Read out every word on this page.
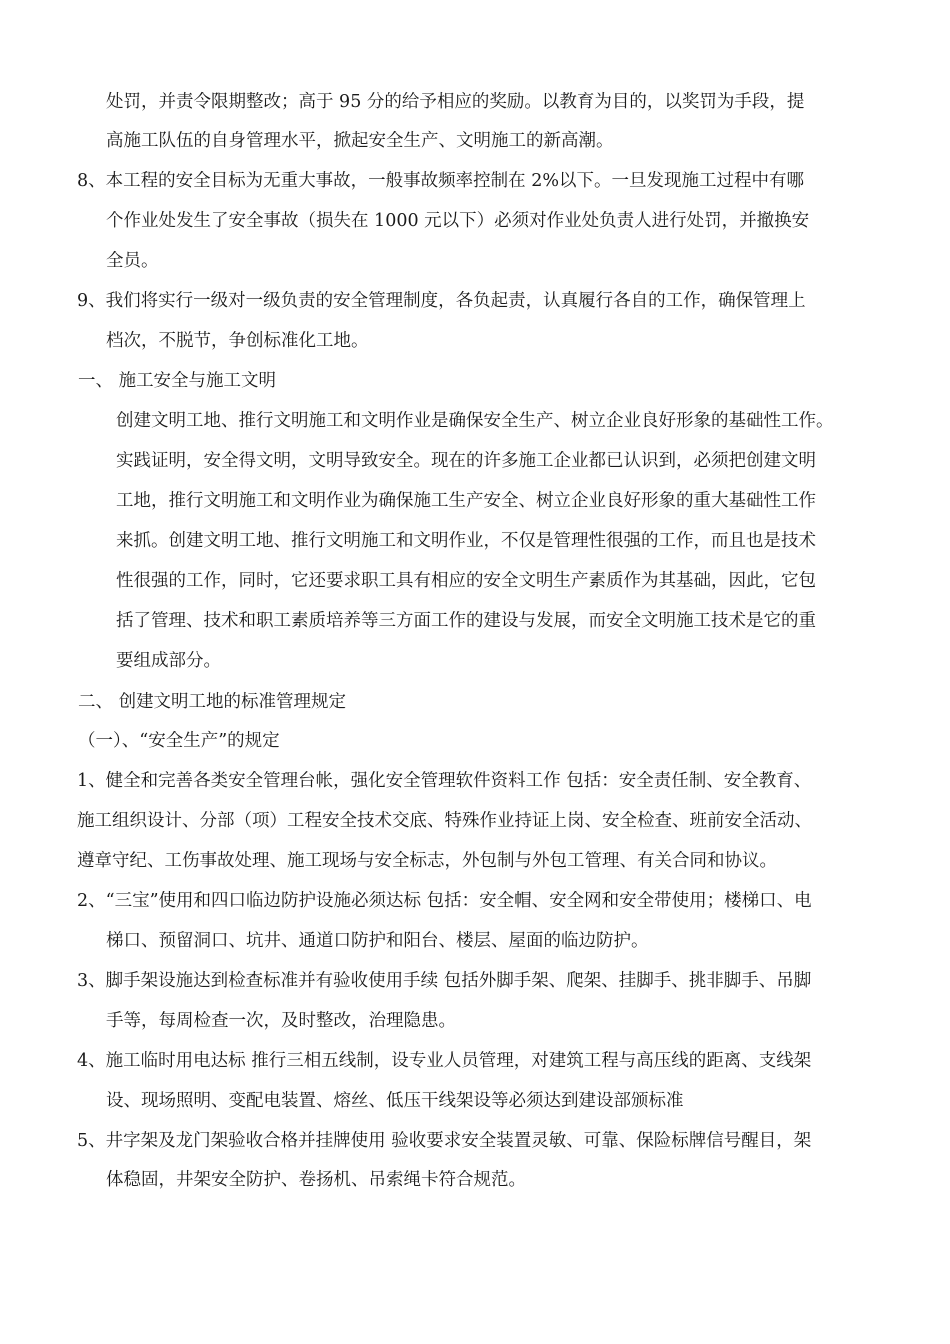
处罚，并责令限期整改；高于 95 分的给予相应的奖励。以教育为目的，以奖罚为手段，提
高施工队伍的自身管理水平，掀起安全生产、文明施工的新高潮。
8、本工程的安全目标为无重大事故，一般事故频率控制在 2%以下。一旦发现施工过程中有哪
个作业处发生了安全事故（损失在 1000 元以下）必须对作业处负责人进行处罚，并撤换安
全员。
9、我们将实行一级对一级负责的安全管理制度，各负起责，认真履行各自的工作，确保管理上
档次，不脱节，争创标准化工地。
一、 施工安全与施工文明
创建文明工地、推行文明施工和文明作业是确保安全生产、树立企业良好形象的基础性工作。
实践证明，安全得文明，文明导致安全。现在的许多施工企业都已认识到，必须把创建文明
工地，推行文明施工和文明作业为确保施工生产安全、树立企业良好形象的重大基础性工作
来抓。创建文明工地、推行文明施工和文明作业，不仅是管理性很强的工作，而且也是技术
性很强的工作，同时，它还要求职工具有相应的安全文明生产素质作为其基础，因此，它包
括了管理、技术和职工素质培养等三方面工作的建设与发展，而安全文明施工技术是它的重
要组成部分。
二、 创建文明工地的标准管理规定
（一）、“安全生产”的规定
1、健全和完善各类安全管理台帐，强化安全管理软件资料工作 包括：安全责任制、安全教育、
施工组织设计、分部（项）工程安全技术交底、特殊作业持证上岗、安全检查、班前安全活动、
遵章守纪、工伤事故处理、施工现场与安全标志，外包制与外包工管理、有关合同和协议。
2、“三宝”使用和四口临边防护设施必须达标 包括：安全帽、安全网和安全带使用；楼梯口、电
梯口、预留洞口、坑井、通道口防护和阳台、楼层、屋面的临边防护。
3、脚手架设施达到检查标准并有验收使用手续 包括外脚手架、爬架、挂脚手、挑非脚手、吊脚
手等，每周检查一次，及时整改，治理隐患。
4、施工临时用电达标 推行三相五线制，设专业人员管理，对建筑工程与高压线的距离、支线架
设、现场照明、变配电装置、熔丝、低压干线架设等必须达到建设部颁标准
5、井字架及龙门架验收合格并挂牌使用 验收要求安全装置灵敏、可靠、保险标牌信号醒目，架
体稳固，井架安全防护、卷扬机、吊索绳卡符合规范。
